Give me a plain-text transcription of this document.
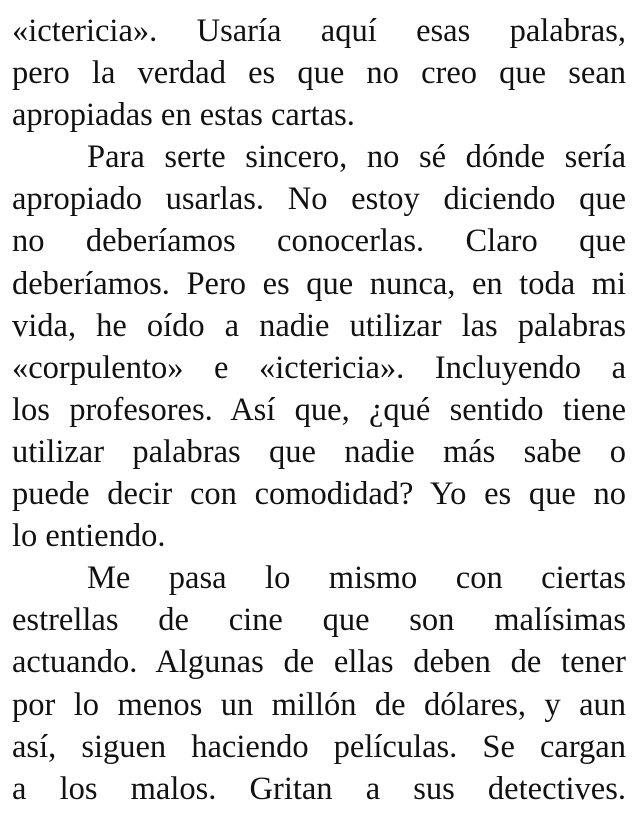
«ictericia». Usaría aquí esas palabras,
pero la verdad es que no creo que sean
apropiadas en estas cartas.
Para serte sincero, no sé dónde sería
apropiado usarlas. No estoy diciendo que
no deberíamos conocerlas. Claro que
deberíamos. Pero es que nunca, en toda mi
vida, he oído a nadie utilizar las palabras
«corpulento» e «ictericia». Incluyendo a
los profesores. Así que, ¿qué sentido tiene
utilizar palabras que nadie más sabe o
puede decir con comodidad? Yo es que no
lo entiendo.
Me pasa lo mismo con ciertas
estrellas de cine que son malísimas
actuando. Algunas de ellas deben de tener
por lo menos un millón de dólares, y aun
así, siguen haciendo películas. Se cargan
a los malos. Gritan a sus detectives.
